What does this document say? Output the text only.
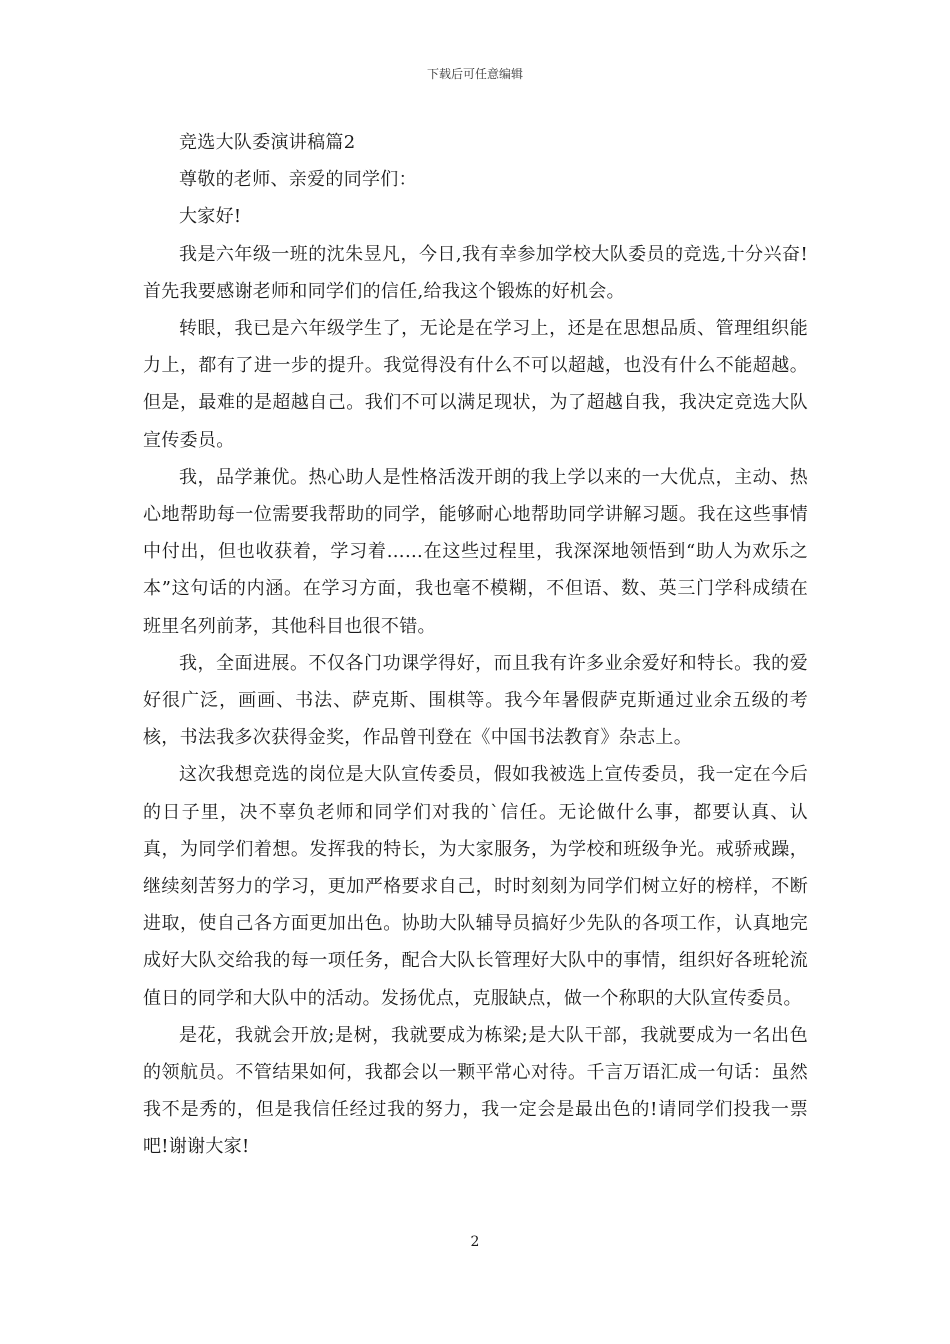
下载后可任意编辑

竞选大队委演讲稿篇2

尊敬的老师、亲爱的同学们：

大家好!

我是六年级一班的沈朱昱凡，今日,我有幸参加学校大队委员的竞选,十分兴奋!首先我要感谢老师和同学们的信任,给我这个锻炼的好机会。

转眼，我已是六年级学生了，无论是在学习上，还是在思想品质、管理组织能力上，都有了进一步的提升。我觉得没有什么不可以超越，也没有什么不能超越。但是，最难的是超越自己。我们不可以满足现状，为了超越自我，我决定竞选大队宣传委员。

我，品学兼优。热心助人是性格活泼开朗的我上学以来的一大优点，主动、热心地帮助每一位需要我帮助的同学，能够耐心地帮助同学讲解习题。我在这些事情中付出，但也收获着，学习着……在这些过程里，我深深地领悟到“助人为欢乐之本”这句话的内涵。在学习方面，我也毫不模糊，不但语、数、英三门学科成绩在班里名列前茅，其他科目也很不错。

我，全面进展。不仅各门功课学得好，而且我有许多业余爱好和特长。我的爱好很广泛，画画、书法、萨克斯、围棋等。我今年暑假萨克斯通过业余五级的考核，书法我多次获得金奖，作品曾刊登在《中国书法教育》杂志上。

这次我想竞选的岗位是大队宣传委员，假如我被选上宣传委员，我一定在今后的日子里，决不辜负老师和同学们对我的`信任。无论做什么事，都要认真、认真，为同学们着想。发挥我的特长，为大家服务，为学校和班级争光。戒骄戒躁，继续刻苦努力的学习，更加严格要求自己，时时刻刻为同学们树立好的榜样，不断进取，使自己各方面更加出色。协助大队辅导员搞好少先队的各项工作，认真地完成好大队交给我的每一项任务，配合大队长管理好大队中的事情，组织好各班轮流值日的同学和大队中的活动。发扬优点，克服缺点，做一个称职的大队宣传委员。

是花，我就会开放;是树，我就要成为栋梁;是大队干部，我就要成为一名出色的领航员。不管结果如何，我都会以一颗平常心对待。千言万语汇成一句话：虽然我不是秀的，但是我信任经过我的努力，我一定会是最出色的!请同学们投我一票吧!谢谢大家!

2
